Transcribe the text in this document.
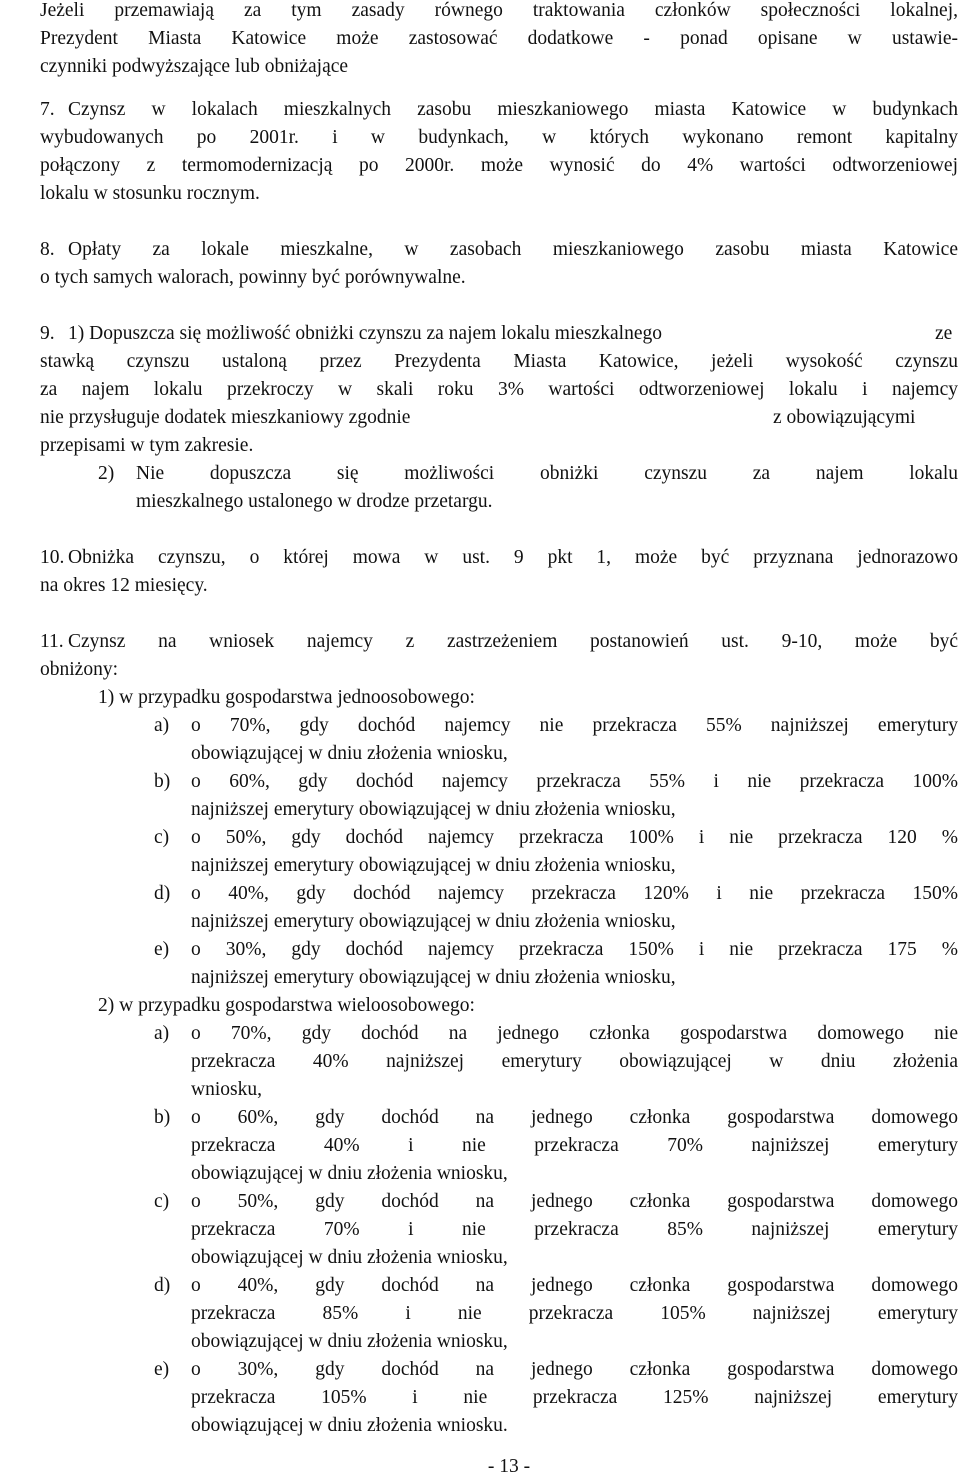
Jeżeli przemawiają za tym zasady równego traktowania członków społeczności lokalnej,
Prezydent Miasta Katowice może zastosować dodatkowe - ponad opisane w ustawie-
czynniki podwyższające lub obniżające
7. Czynsz w lokalach mieszkalnych zasobu mieszkaniowego miasta Katowice w budynkach
wybudowanych po 2001r. i w budynkach, w których wykonano remont kapitalny
połączony z termomodernizacją po 2000r. może wynosić do 4% wartości odtworzeniowej
lokalu w stosunku rocznym.
8. Opłaty za lokale mieszkalne, w zasobach mieszkaniowego zasobu miasta Katowice
o tych samych walorach, powinny być porównywalne.
9. 1) Dopuszcza się możliwość obniżki czynszu za najem lokalu mieszkalnego	ze
stawką czynszu ustaloną przez Prezydenta Miasta Katowice, jeżeli wysokość czynszu
za najem lokalu przekroczy w skali roku 3% wartości odtworzeniowej lokalu i najemcy
nie przysługuje dodatek mieszkaniowy zgodnie	z obowiązującymi
przepisami w tym zakresie.
2) Nie dopuszcza się możliwości obniżki czynszu za najem lokalu
mieszkalnego ustalonego w drodze przetargu.
10. Obniżka czynszu, o której mowa w ust. 9 pkt 1, może być przyznana jednorazowo
na okres 12 miesięcy.
11. Czynsz na wniosek najemcy z zastrzeżeniem postanowień ust. 9-10, może być
obniżony:
1) w przypadku gospodarstwa jednoosobowego:
a) o 70%, gdy dochód najemcy nie przekracza 55% najniższej emerytury
obowiązującej w dniu złożenia wniosku,
b) o 60%, gdy dochód najemcy przekracza 55% i nie przekracza 100%
najniższej emerytury obowiązującej w dniu złożenia wniosku,
c) o 50%, gdy dochód najemcy przekracza 100% i nie przekracza 120 %
najniższej emerytury obowiązującej w dniu złożenia wniosku,
d) o 40%, gdy dochód najemcy przekracza 120% i nie przekracza 150%
najniższej emerytury obowiązującej w dniu złożenia wniosku,
e) o 30%, gdy dochód najemcy przekracza 150% i nie przekracza 175 %
najniższej emerytury obowiązującej w dniu złożenia wniosku,
2) w przypadku gospodarstwa wieloosobowego:
a) o 70%, gdy dochód na jednego członka gospodarstwa domowego nie
przekracza 40% najniższej emerytury obowiązującej w dniu złożenia
wniosku,
b) o 60%, gdy dochód na jednego członka gospodarstwa domowego
przekracza 40% i nie przekracza 70% najniższej emerytury
obowiązującej w dniu złożenia wniosku,
c) o 50%, gdy dochód na jednego członka gospodarstwa domowego
przekracza 70% i nie przekracza 85% najniższej emerytury
obowiązującej w dniu złożenia wniosku,
d) o 40%, gdy dochód na jednego członka gospodarstwa domowego
przekracza 85% i nie przekracza 105% najniższej emerytury
obowiązującej w dniu złożenia wniosku,
e) o 30%, gdy dochód na jednego członka gospodarstwa domowego
przekracza 105% i nie przekracza 125% najniższej emerytury
obowiązującej w dniu złożenia wniosku.
- 13 -
